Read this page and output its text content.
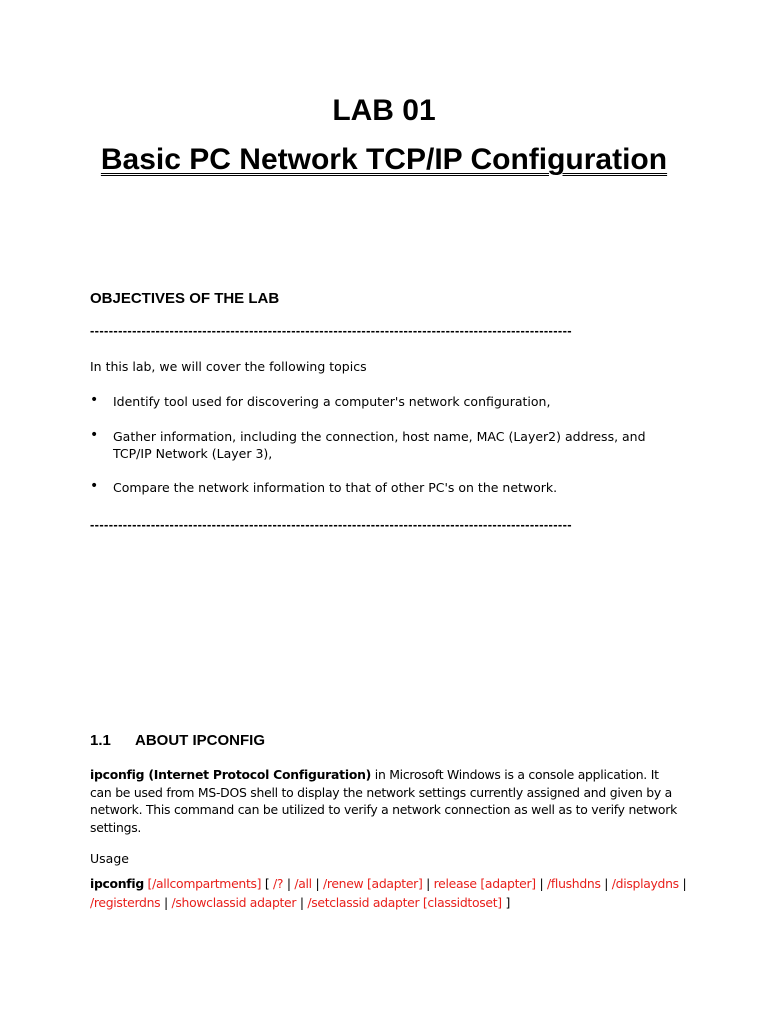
LAB 01
Basic PC Network TCP/IP Configuration
OBJECTIVES OF THE LAB
-------------------------------------------------------------------------------------------------------
In this lab, we will cover the following topics
• Identify tool used for discovering a computer's network configuration,
• Gather information, including the connection, host name, MAC (Layer2) address, and TCP/IP Network (Layer 3),
• Compare the network information to that of other PC's on the network.
-------------------------------------------------------------------------------------------------------
1.1 ABOUT IPCONFIG
ipconfig (Internet Protocol Configuration) in Microsoft Windows is a console application. It can be used from MS-DOS shell to display the network settings currently assigned and given by a network. This command can be utilized to verify a network connection as well as to verify network settings.
Usage
ipconfig [/allcompartments] [ /? | /all | /renew [adapter] | release [adapter] | /flushdns | /displaydns | /registerdns | /showclassid adapter | /setclassid adapter [classidtoset] ]
